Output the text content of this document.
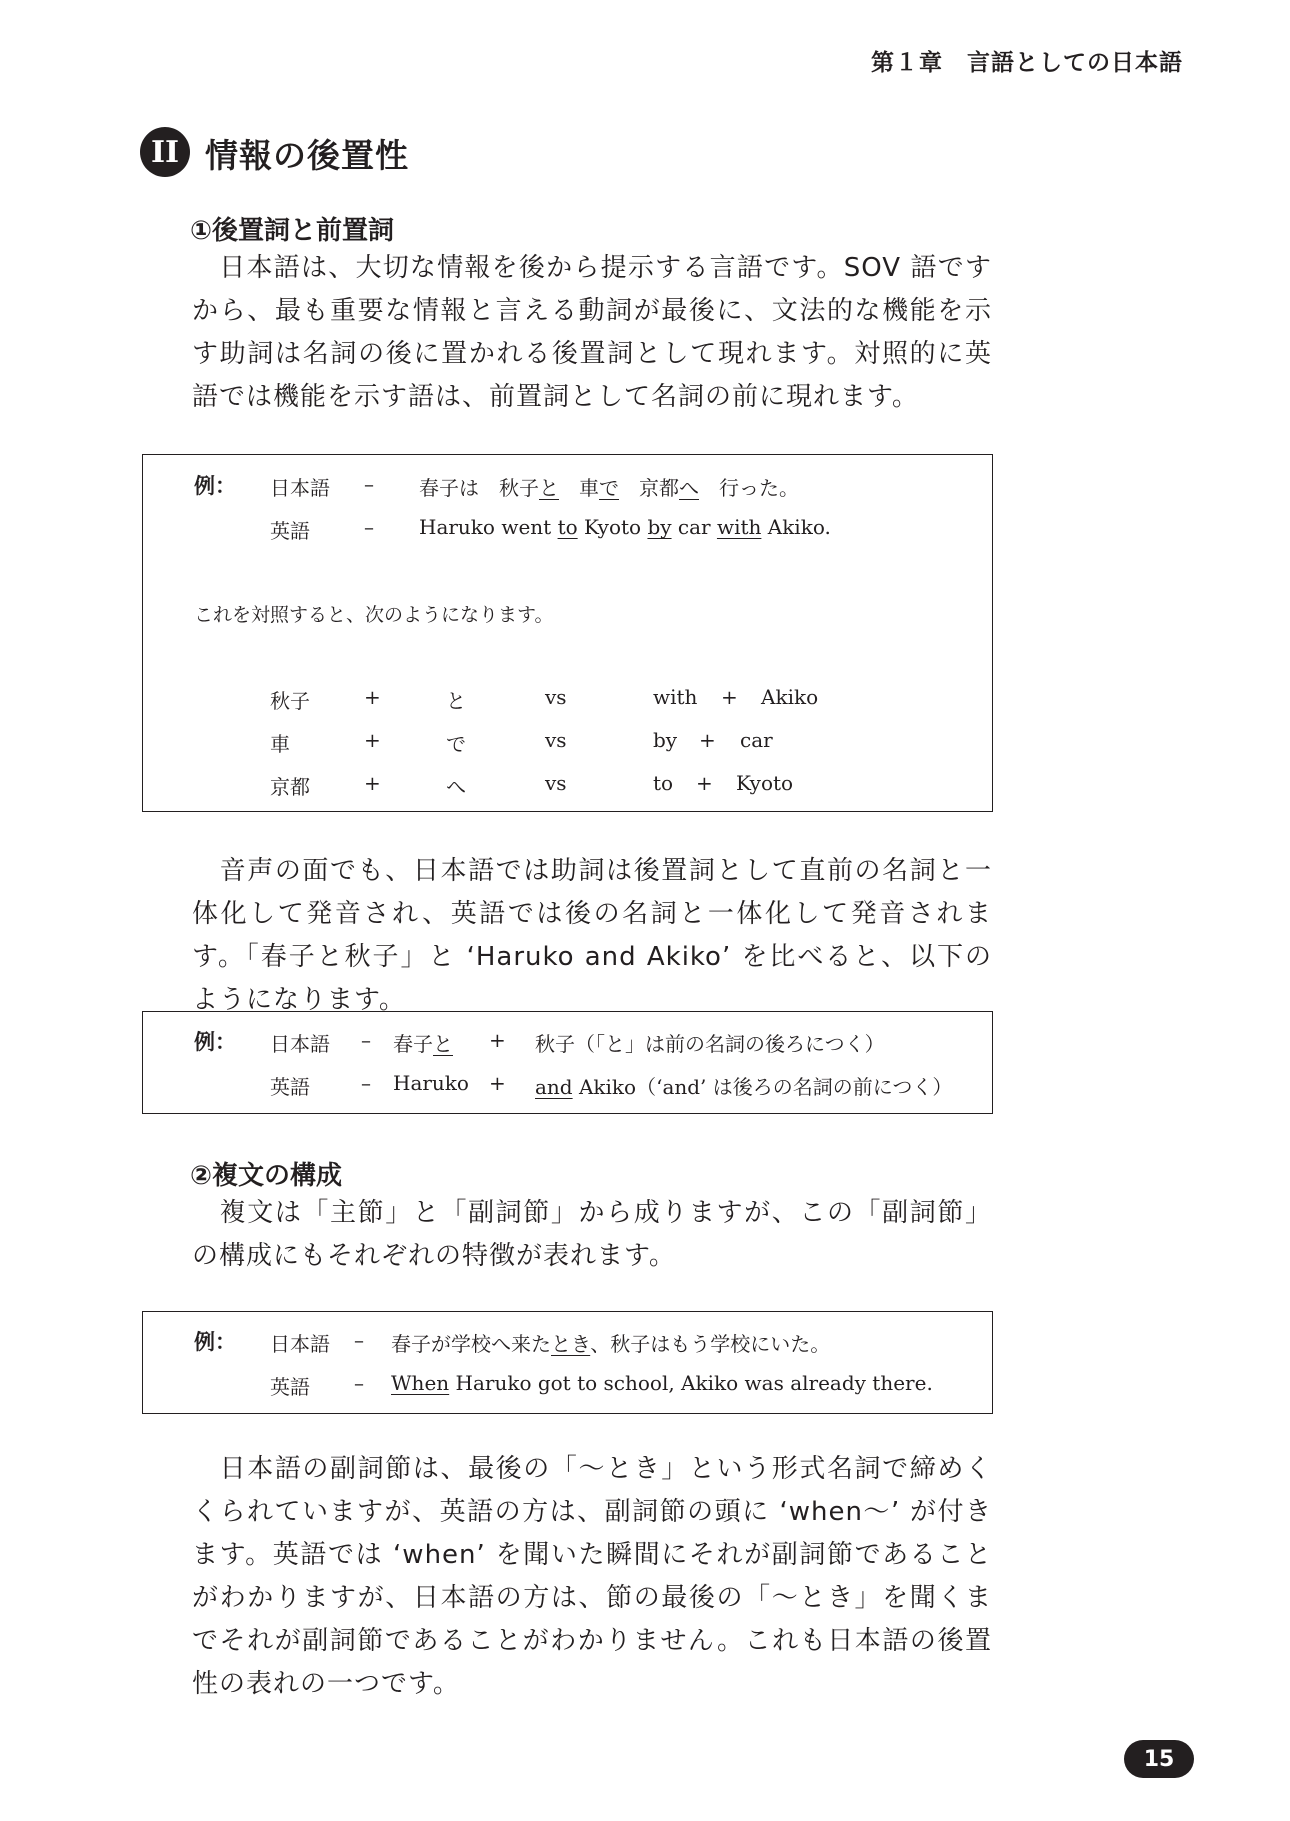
第１章　言語としての日本語
II 情報の後置性
①後置詞と前置詞
　日本語は、大切な情報を後から提示する言語です。SOV 語ですから、最も重要な情報と言える動詞が最後に、文法的な機能を示す助詞は名詞の後に置かれる後置詞として現れます。対照的に英語では機能を示す語は、前置詞として名詞の前に現れます。
例： 日本語 – 春子は　秋子と　車で　京都へ　行った。
英語	– Haruko went to Kyoto by car with Akiko.
これを対照すると、次のようになります。
秋子	+	と	vs	with + Akiko
車	+	で	vs	by + car
京都	+	へ	vs	to + Kyoto
　音声の面でも、日本語では助詞は後置詞として直前の名詞と一体化して発音され、英語では後の名詞と一体化して発音されます。「春子と秋子」と ‘Haruko and Akiko’ を比べると、以下のようになります。
例： 日本語 – 春子と + 秋子（「と」は前の名詞の後ろにつく）
英語	– Haruko + and Akiko（‘and’ は後ろの名詞の前につく）
②複文の構成
　複文は「主節」と「副詞節」から成りますが、この「副詞節」の構成にもそれぞれの特徴が表れます。
例： 日本語 – 春子が学校へ来たとき、秋子はもう学校にいた。
英語 – When Haruko got to school, Akiko was already there.
　日本語の副詞節は、最後の「～とき」という形式名詞で締めくくられていますが、英語の方は、副詞節の頭に ‘when～’ が付きます。英語では ‘when’ を聞いた瞬間にそれが副詞節であることがわかりますが、日本語の方は、節の最後の「～とき」を聞くまでそれが副詞節であることがわかりません。これも日本語の後置性の表れの一つです。
15
